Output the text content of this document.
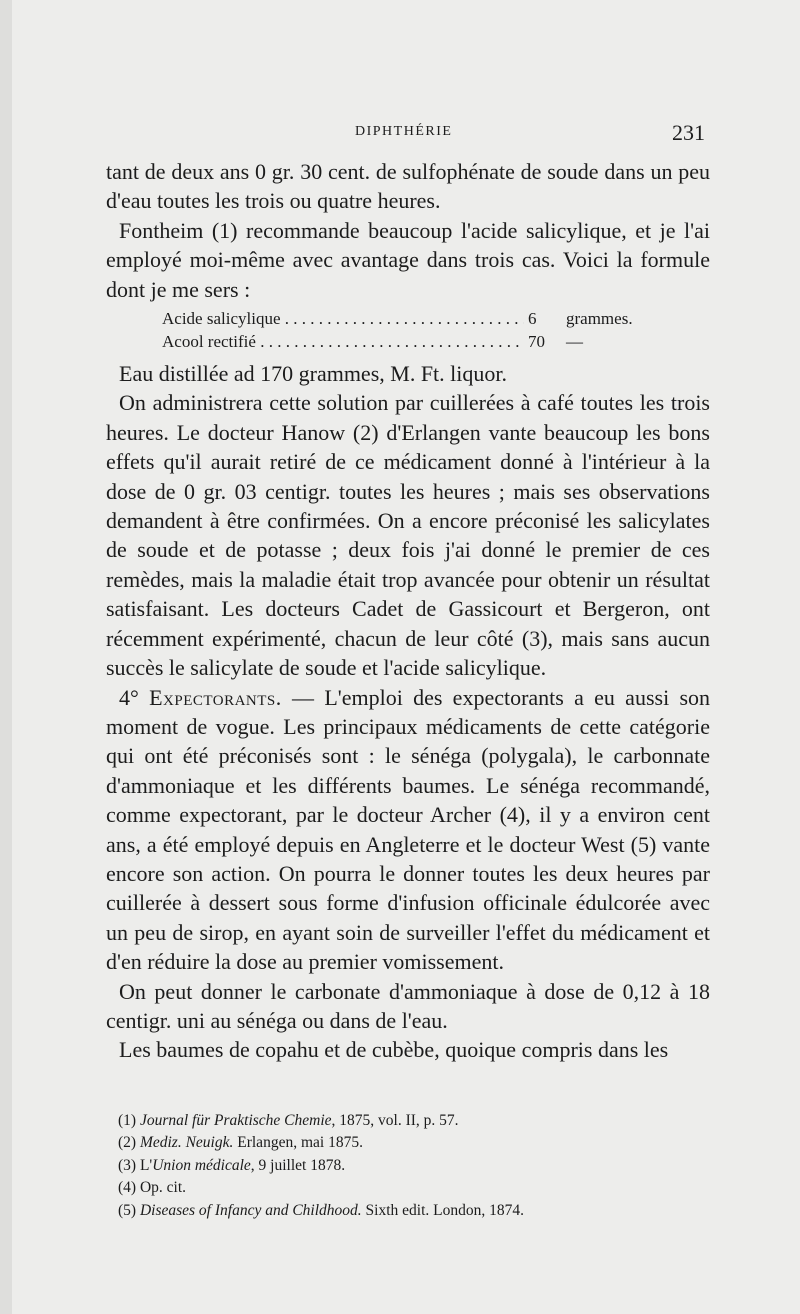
DIPHTHÉRIE	231

tant de deux ans 0 gr. 30 cent. de sulfophénate de soude dans un peu d'eau toutes les trois ou quatre heures.

Fontheim (1) recommande beaucoup l'acide salicylique, et je l'ai employé moi-même avec avantage dans trois cas. Voici la formule dont je me sers :

Acide salicylique . . .	6	grammes.
Acool rectifié . . .	70	—

Eau distillée ad 170 grammes, M. Ft. liquor.

On administrera cette solution par cuillerées à café toutes les trois heures. Le docteur Hanow (2) d'Erlangen vante beaucoup les bons effets qu'il aurait retiré de ce médicament donné à l'intérieur à la dose de 0 gr. 03 centigr. toutes les heures ; mais ses observations demandent à être confirmées. On a encore préconisé les salicylates de soude et de potasse ; deux fois j'ai donné le premier de ces remèdes, mais la maladie était trop avancée pour obtenir un résultat satisfaisant. Les docteurs Cadet de Gassicourt et Bergeron, ont récemment expérimenté, chacun de leur côté (3), mais sans aucun succès le salicylate de soude et l'acide salicylique.

4° Expectorants. — L'emploi des expectorants a eu aussi son moment de vogue. Les principaux médicaments de cette catégorie qui ont été préconisés sont : le sénéga (polygala), le carbonnate d'ammoniaque et les différents baumes. Le sénéga recommandé, comme expectorant, par le docteur Archer (4), il y a environ cent ans, a été employé depuis en Angleterre et le docteur West (5) vante encore son action. On pourra le donner toutes les deux heures par cuillerée à dessert sous forme d'infusion officinale édulcorée avec un peu de sirop, en ayant soin de surveiller l'effet du médicament et d'en réduire la dose au premier vomissement.

On peut donner le carbonate d'ammoniaque à dose de 0,12 à 18 centigr. uni au sénéga ou dans de l'eau.

Les baumes de copahu et de cubèbe, quoique compris dans les

(1) Journal für Praktische Chemie, 1875, vol. II, p. 57.

(2) Mediz. Neuigk. Erlangen, mai 1875.

(3) L'Union médicale, 9 juillet 1878.

(4) Op. cit.

(5) Diseases of Infancy and Childhood. Sixth edit. London, 1874.
